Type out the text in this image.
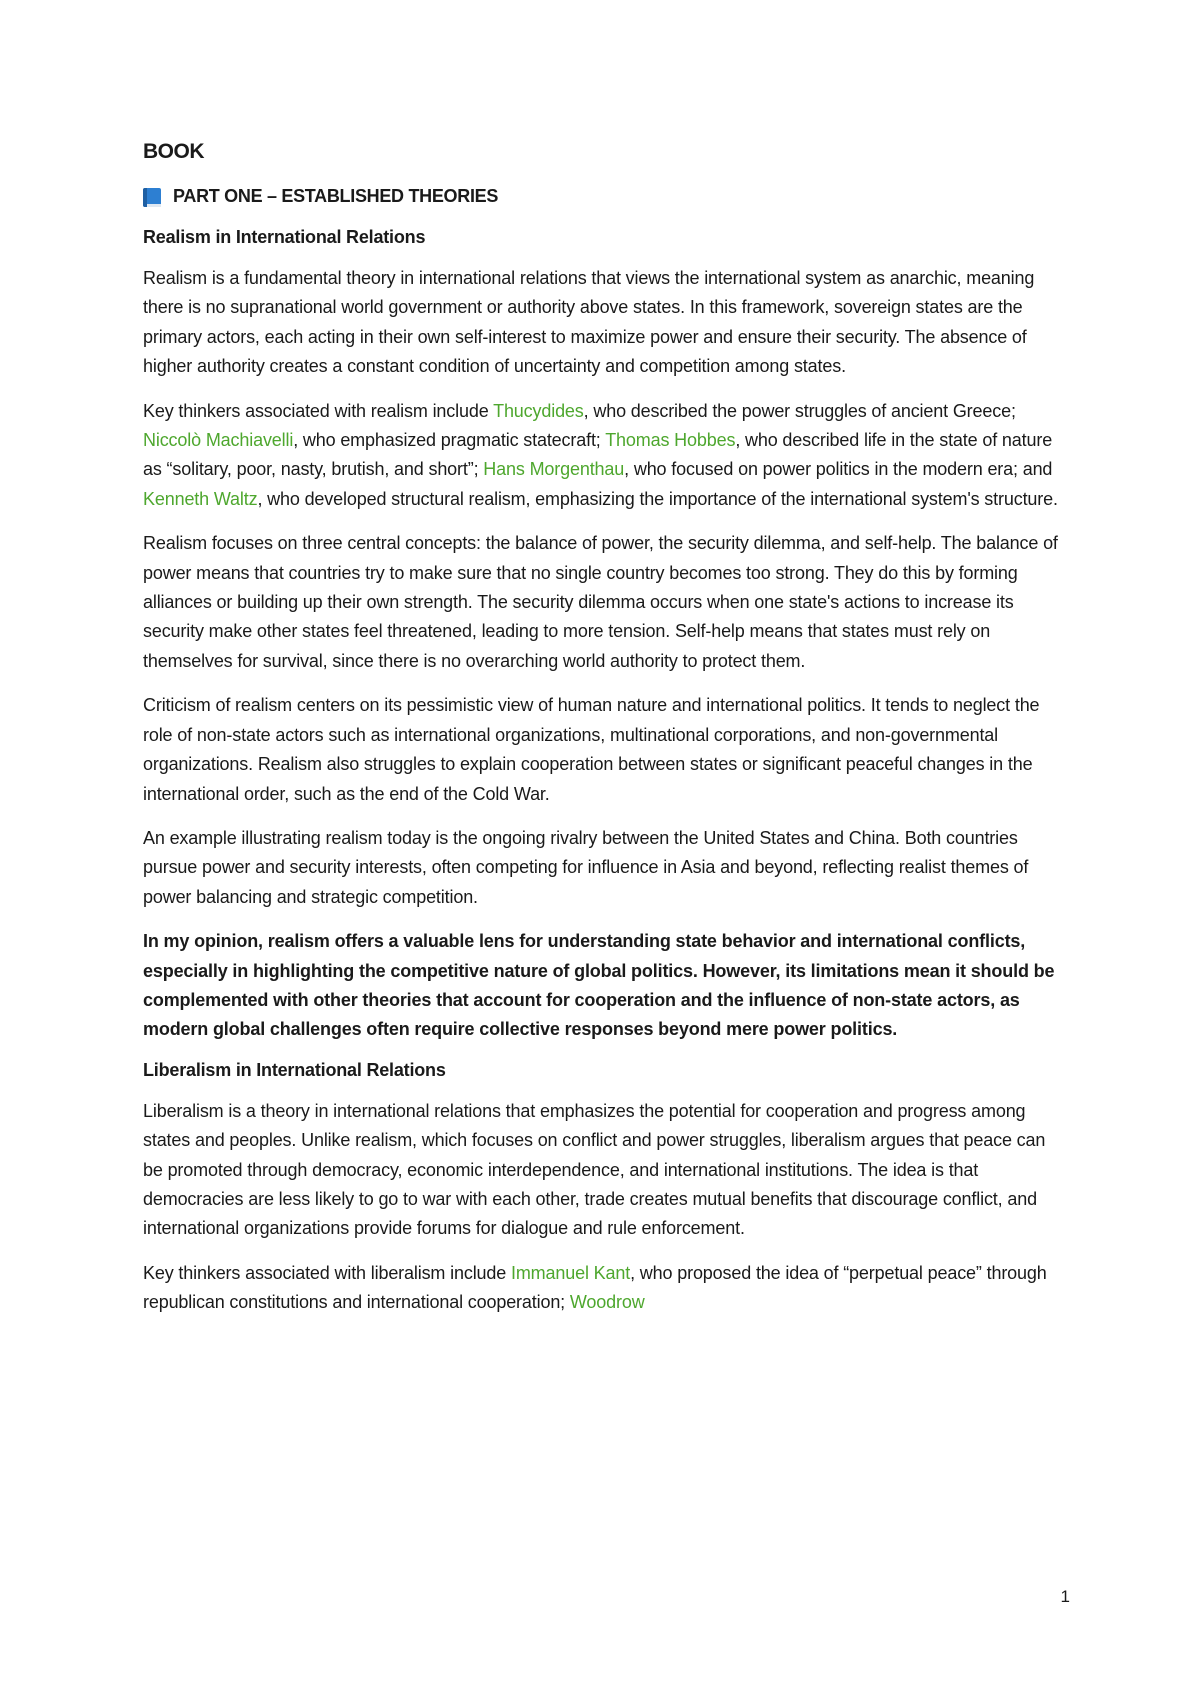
BOOK
PART ONE – ESTABLISHED THEORIES
Realism in International Relations

Realism is a fundamental theory in international relations that views the international system as anarchic, meaning there is no supranational world government or authority above states. In this framework, sovereign states are the primary actors, each acting in their own self-interest to maximize power and ensure their security. The absence of higher authority creates a constant condition of uncertainty and competition among states.

Key thinkers associated with realism include Thucydides, who described the power struggles of ancient Greece; Niccolò Machiavelli, who emphasized pragmatic statecraft; Thomas Hobbes, who described life in the state of nature as “solitary, poor, nasty, brutish, and short”; Hans Morgenthau, who focused on power politics in the modern era; and Kenneth Waltz, who developed structural realism, emphasizing the importance of the international system's structure.

Realism focuses on three central concepts: the balance of power, the security dilemma, and self-help. The balance of power means that countries try to make sure that no single country becomes too strong. They do this by forming alliances or building up their own strength. The security dilemma occurs when one state's actions to increase its security make other states feel threatened, leading to more tension. Self-help means that states must rely on themselves for survival, since there is no overarching world authority to protect them.

Criticism of realism centers on its pessimistic view of human nature and international politics. It tends to neglect the role of non-state actors such as international organizations, multinational corporations, and non-governmental organizations. Realism also struggles to explain cooperation between states or significant peaceful changes in the international order, such as the end of the Cold War.

An example illustrating realism today is the ongoing rivalry between the United States and China. Both countries pursue power and security interests, often competing for influence in Asia and beyond, reflecting realist themes of power balancing and strategic competition.

In my opinion, realism offers a valuable lens for understanding state behavior and international conflicts, especially in highlighting the competitive nature of global politics. However, its limitations mean it should be complemented with other theories that account for cooperation and the influence of non-state actors, as modern global challenges often require collective responses beyond mere power politics.

Liberalism in International Relations

Liberalism is a theory in international relations that emphasizes the potential for cooperation and progress among states and peoples. Unlike realism, which focuses on conflict and power struggles, liberalism argues that peace can be promoted through democracy, economic interdependence, and international institutions. The idea is that democracies are less likely to go to war with each other, trade creates mutual benefits that discourage conflict, and international organizations provide forums for dialogue and rule enforcement.

Key thinkers associated with liberalism include Immanuel Kant, who proposed the idea of “perpetual peace” through republican constitutions and international cooperation; Woodrow

1
